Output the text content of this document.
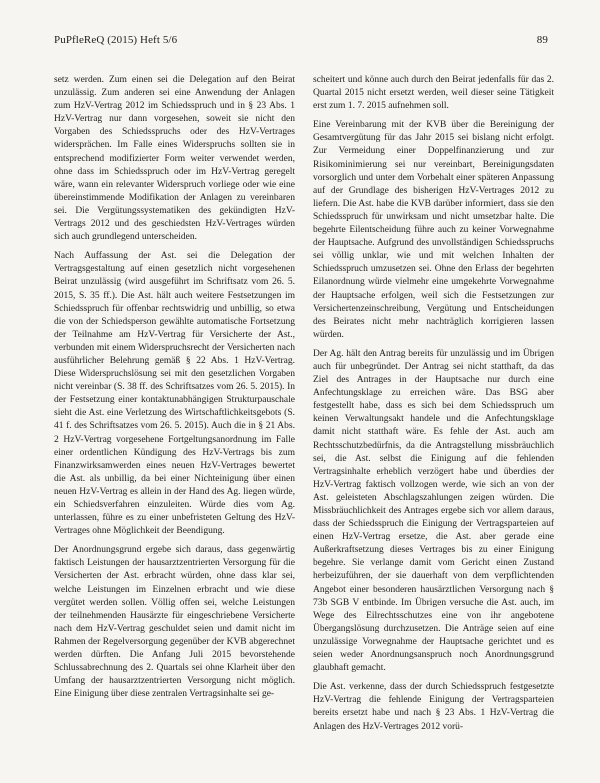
PuPfleReQ (2015) Heft 5/6	89

setz werden. Zum einen sei die Delegation auf den Beirat unzulässig. Zum anderen sei eine Anwendung der Anlagen zum HzV-Vertrag 2012 im Schiedsspruch und in § 23 Abs. 1 HzV-Vertrag nur dann vorgesehen, soweit sie nicht den Vorgaben des Schiedsspruchs oder des HzV-Vertrages widersprächen. Im Falle eines Widerspruchs sollten sie in entsprechend modifizierter Form weiter verwendet werden, ohne dass im Schiedsspruch oder im HzV-Vertrag geregelt wäre, wann ein relevanter Widerspruch vorliege oder wie eine übereinstimmende Modifikation der Anlagen zu vereinbaren sei. Die Vergütungssystematiken des gekündigten HzV-Vertrags 2012 und des geschiedsten HzV-Vertrages würden sich auch grundlegend unterscheiden.

Nach Auffassung der Ast. sei die Delegation der Vertragsgestaltung auf einen gesetzlich nicht vorgesehenen Beirat unzulässig (wird ausgeführt im Schriftsatz vom 26. 5. 2015, S. 35 ff.). Die Ast. hält auch weitere Festsetzungen im Schiedsspruch für offenbar rechtswidrig und unbillig, so etwa die von der Schiedsperson gewählte automatische Fortsetzung der Teilnahme am HzV-Vertrag für Versicherte der Ast., verbunden mit einem Widerspruchsrecht der Versicherten nach ausführlicher Belehrung gemäß § 22 Abs. 1 HzV-Vertrag. Diese Widerspruchslösung sei mit den gesetzlichen Vorgaben nicht vereinbar (S. 38 ff. des Schriftsatzes vom 26. 5. 2015). In der Festsetzung einer kontaktunabhängigen Strukturpauschale sieht die Ast. eine Verletzung des Wirtschaftlichkeitsgebots (S. 41 f. des Schriftsatzes vom 26. 5. 2015). Auch die in § 21 Abs. 2 HzV-Vertrag vorgesehene Fortgeltungsanordnung im Falle einer ordentlichen Kündigung des HzV-Vertrags bis zum Finanzwirksamwerden eines neuen HzV-Vertrages bewertet die Ast. als unbillig, da bei einer Nichteinigung über einen neuen HzV-Vertrag es allein in der Hand des Ag. liegen würde, ein Schiedsverfahren einzuleiten. Würde dies vom Ag. unterlassen, führe es zu einer unbefristeten Geltung des HzV-Vertrages ohne Möglichkeit der Beendigung.

Der Anordnungsgrund ergebe sich daraus, dass gegenwärtig faktisch Leistungen der hausarztzentrierten Versorgung für die Versicherten der Ast. erbracht würden, ohne dass klar sei, welche Leistungen im Einzelnen erbracht und wie diese vergütet werden sollen. Völlig offen sei, welche Leistungen der teilnehmenden Hausärzte für eingeschriebene Versicherte nach dem HzV-Vertrag geschuldet seien und damit nicht im Rahmen der Regelversorgung gegenüber der KVB abgerechnet werden dürften. Die Anfang Juli 2015 bevorstehende Schlussabrechnung des 2. Quartals sei ohne Klarheit über den Umfang der hausarztzentrierten Versorgung nicht möglich. Eine Einigung über diese zentralen Vertragsinhalte sei ge-

scheitert und könne auch durch den Beirat jedenfalls für das 2. Quartal 2015 nicht ersetzt werden, weil dieser seine Tätigkeit erst zum 1. 7. 2015 aufnehmen soll.

Eine Vereinbarung mit der KVB über die Bereinigung der Gesamtvergütung für das Jahr 2015 sei bislang nicht erfolgt. Zur Vermeidung einer Doppelfinanzierung und zur Risikominimierung sei nur vereinbart, Bereinigungsdaten vorsorglich und unter dem Vorbehalt einer späteren Anpassung auf der Grundlage des bisherigen HzV-Vertrages 2012 zu liefern. Die Ast. habe die KVB darüber informiert, dass sie den Schiedsspruch für unwirksam und nicht umsetzbar halte. Die begehrte Eilentscheidung führe auch zu keiner Vorwegnahme der Hauptsache. Aufgrund des unvollständigen Schiedsspruchs sei völlig unklar, wie und mit welchen Inhalten der Schiedsspruch umzusetzen sei. Ohne den Erlass der begehrten Eilanordnung würde vielmehr eine umgekehrte Vorwegnahme der Hauptsache erfolgen, weil sich die Festsetzungen zur Versichertenzeinschreibung, Vergütung und Entscheidungen des Beirates nicht mehr nachträglich korrigieren lassen würden.

Der Ag. hält den Antrag bereits für unzulässig und im Übrigen auch für unbegründet. Der Antrag sei nicht statthaft, da das Ziel des Antrages in der Hauptsache nur durch eine Anfechtungsklage zu erreichen wäre. Das BSG aber festgestellt habe, dass es sich bei dem Schiedsspruch um keinen Verwaltungsakt handele und die Anfechtungsklage damit nicht statthaft wäre. Es fehle der Ast. auch am Rechtsschutzbedürfnis, da die Antragstellung missbräuchlich sei, die Ast. selbst die Einigung auf die fehlenden Vertragsinhalte erheblich verzögert habe und überdies der HzV-Vertrag faktisch vollzogen werde, wie sich an von der Ast. geleisteten Abschlagszahlungen zeigen würden. Die Missbräuchlichkeit des Antrages ergebe sich vor allem daraus, dass der Schiedsspruch die Einigung der Vertragsparteien auf einen HzV-Vertrag ersetze, die Ast. aber gerade eine Außerkraftsetzung dieses Vertrages bis zu einer Einigung begehre. Sie verlange damit vom Gericht einen Zustand herbeizuführen, der sie dauerhaft von dem verpflichtenden Angebot einer besonderen hausärztlichen Versorgung nach § 73b SGB V entbinde. Im Übrigen versuche die Ast. auch, im Wege des Eilrechtsschutzes eine von ihr angebotene Übergangslösung durchzusetzen. Die Anträge seien auf eine unzulässige Vorwegnahme der Hauptsache gerichtet und es seien weder Anordnungsanspruch noch Anordnungsgrund glaubhaft gemacht.

Die Ast. verkenne, dass der durch Schiedsspruch festgesetzte HzV-Vertrag die fehlende Einigung der Vertragsparteien bereits ersetzt habe und nach § 23 Abs. 1 HzV-Vertrag die Anlagen des HzV-Vertrages 2012 vorü-
